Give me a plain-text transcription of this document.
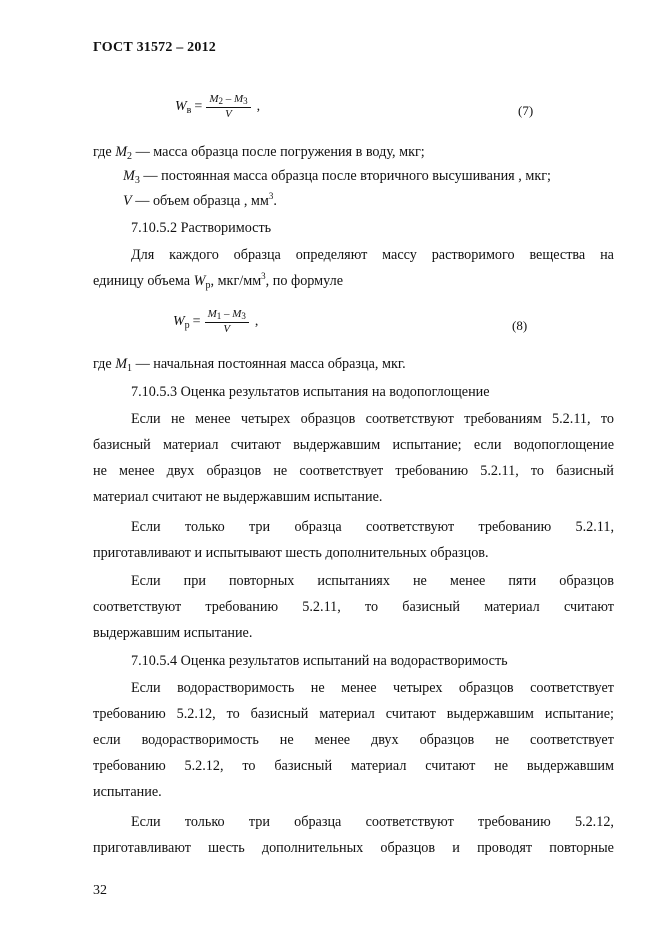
ГОСТ 31572 – 2012
$W_в = \frac{M_2 - M_3}{V}$ ,	(7)
где $M_2$ — масса образца после погружения в воду, мкг;
$M_3$ — постоянная масса образца после вторичного высушивания , мкг;
V — объем образца , $мм^3$.
7.10.5.2 Растворимость
Для каждого образца определяют массу растворимого вещества на
единицу объема $W_р$, мкг/$мм^3$, по формуле
$W_р = \frac{M_1 - M_3}{V}$ ,	(8)
где $M_1$ — начальная постоянная масса образца, мкг.
7.10.5.3 Оценка результатов испытания на водопоглощение
Если не менее четырех образцов соответствуют требованиям 5.2.11, то
базисный материал считают выдержавшим испытание; если водопоглощение
не менее двух образцов не соответствует требованию 5.2.11, то базисный
материал считают не выдержавшим испытание.
Если только три образца соответствуют требованию 5.2.11,
приготавливают и испытывают шесть дополнительных образцов.
Если при повторных испытаниях не менее пяти образцов
соответствуют требованию 5.2.11, то базисный материал считают
выдержавшим испытание.
7.10.5.4 Оценка результатов испытаний на водорастворимость
Если водорастворимость не менее четырех образцов соответствует
требованию 5.2.12, то базисный материал считают выдержавшим испытание;
если водорастворимость не менее двух образцов не соответствует
требованию 5.2.12, то базисный материал считают не выдержавшим
испытание.
Если только три образца соответствуют требованию 5.2.12,
приготавливают шесть дополнительных образцов и проводят повторные
32
